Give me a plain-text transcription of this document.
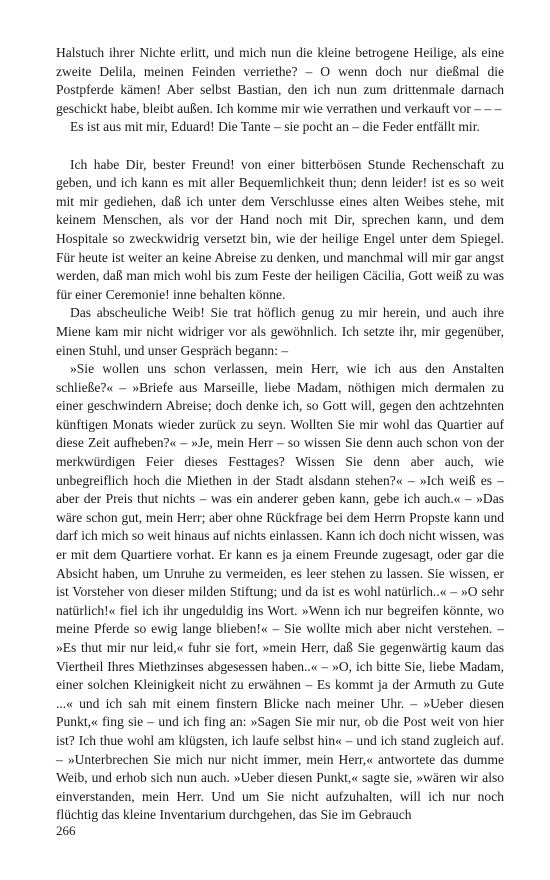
Halstuch ihrer Nichte erlitt, und mich nun die kleine betrogene Heilige, als eine zweite Delila, meinen Feinden verriethe? – O wenn doch nur dießmal die Postpferde kämen! Aber selbst Bastian, den ich nun zum drittenmale darnach geschickt habe, bleibt außen. Ich komme mir wie verrathen und verkauft vor – – –

Es ist aus mit mir, Eduard! Die Tante – sie pocht an – die Feder entfällt mir.

Ich habe Dir, bester Freund! von einer bitterbösen Stunde Rechenschaft zu geben, und ich kann es mit aller Bequemlichkeit thun; denn leider! ist es so weit mit mir gediehen, daß ich unter dem Verschlusse eines alten Weibes stehe, mit keinem Menschen, als vor der Hand noch mit Dir, sprechen kann, und dem Hospitale so zweckwidrig versetzt bin, wie der heilige Engel unter dem Spiegel. Für heute ist weiter an keine Abreise zu denken, und manchmal will mir gar angst werden, daß man mich wohl bis zum Feste der heiligen Cäcilia, Gott weiß zu was für einer Ceremonie! inne behalten könne.

Das abscheuliche Weib! Sie trat höflich genug zu mir herein, und auch ihre Miene kam mir nicht widriger vor als gewöhnlich. Ich setzte ihr, mir gegenüber, einen Stuhl, und unser Gespräch begann: –

»Sie wollen uns schon verlassen, mein Herr, wie ich aus den Anstalten schließe?« – »Briefe aus Marseille, liebe Madam, nöthigen mich dermalen zu einer geschwindern Abreise; doch denke ich, so Gott will, gegen den achtzehnten künftigen Monats wieder zurück zu seyn. Wollten Sie mir wohl das Quartier auf diese Zeit aufheben?« – »Je, mein Herr – so wissen Sie denn auch schon von der merkwürdigen Feier dieses Festtages? Wissen Sie denn aber auch, wie unbegreiflich hoch die Miethen in der Stadt alsdann stehen?« – »Ich weiß es – aber der Preis thut nichts – was ein anderer geben kann, gebe ich auch.« – »Das wäre schon gut, mein Herr; aber ohne Rückfrage bei dem Herrn Propste kann und darf ich mich so weit hinaus auf nichts einlassen. Kann ich doch nicht wissen, was er mit dem Quartiere vorhat. Er kann es ja einem Freunde zugesagt, oder gar die Absicht haben, um Unruhe zu vermeiden, es leer stehen zu lassen. Sie wissen, er ist Vorsteher von dieser milden Stiftung; und da ist es wohl natürlich..« – »O sehr natürlich!« fiel ich ihr ungeduldig ins Wort. »Wenn ich nur begreifen könnte, wo meine Pferde so ewig lange blieben!« – Sie wollte mich aber nicht verstehen. – »Es thut mir nur leid,« fuhr sie fort, »mein Herr, daß Sie gegenwärtig kaum das Viertheil Ihres Miethzinses abgesessen haben..« – »O, ich bitte Sie, liebe Madam, einer solchen Kleinigkeit nicht zu erwähnen – Es kommt ja der Armuth zu Gute ...« und ich sah mit einem finstern Blicke nach meiner Uhr. – »Ueber diesen Punkt,« fing sie – und ich fing an: »Sagen Sie mir nur, ob die Post weit von hier ist? Ich thue wohl am klügsten, ich laufe selbst hin« – und ich stand zugleich auf. – »Unterbrechen Sie mich nur nicht immer, mein Herr,« antwortete das dumme Weib, und erhob sich nun auch. »Ueber diesen Punkt,« sagte sie, »wären wir also einverstanden, mein Herr. Und um Sie nicht aufzuhalten, will ich nur noch flüchtig das kleine Inventarium durchgehen, das Sie im Gebrauch

266
